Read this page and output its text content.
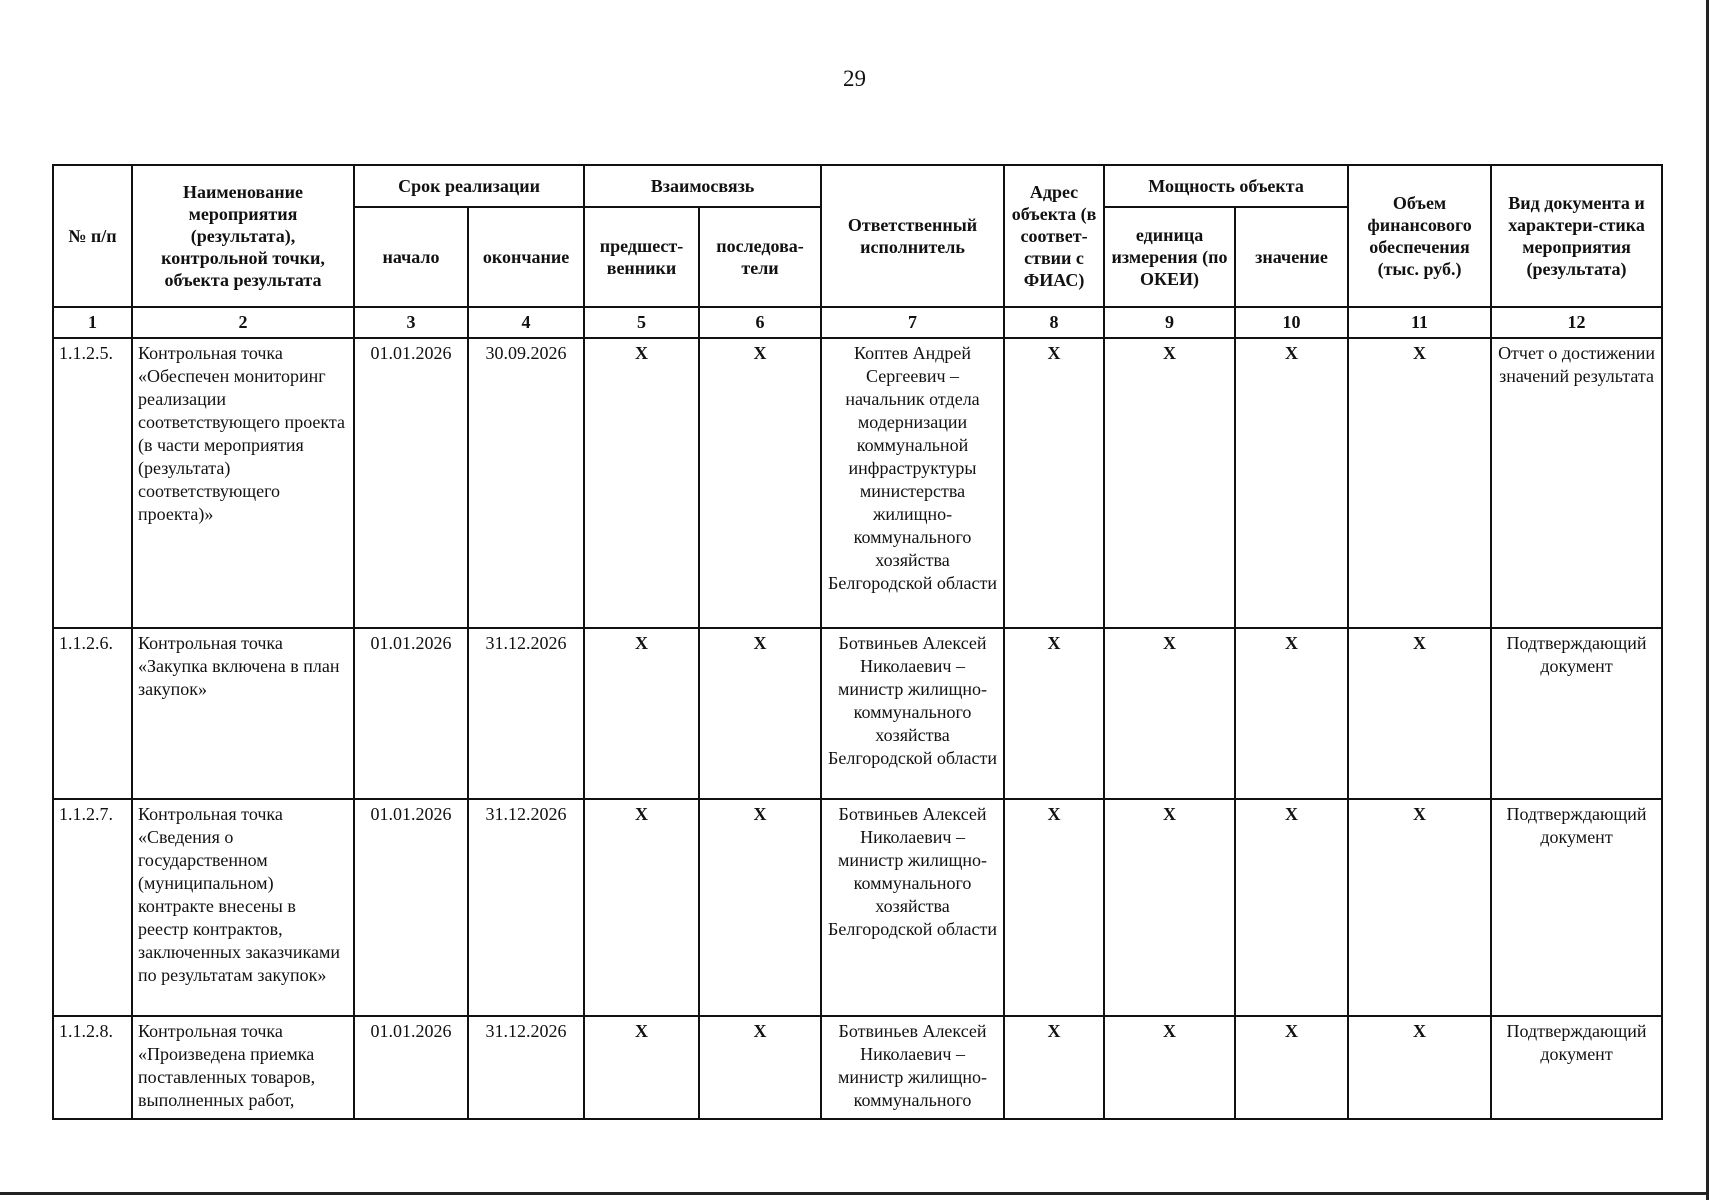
29
№ п/п	Наименование мероприятия (результата), контрольной точки, объекта результата	Срок реализации		Взаимосвязь		Ответственный исполнитель	Адрес объекта (в соответ-ствии с ФИАС)	Мощность объекта		Объем финансового обеспечения (тыс. руб.)	Вид документа и характери-стика мероприятия (результата)
		начало	окончание	предшест-венники	последова-тели			единица измерения (по ОКЕИ)	значение		
1	2	3	4	5	6	7	8	9	10	11	12
1.1.2.5.	Контрольная точка «Обеспечен мониторинг реализации соответствующего проекта (в части мероприятия (результата) соответствующего проекта)»	01.01.2026	30.09.2026	Х	Х	Коптев Андрей Сергеевич – начальник отдела модернизации коммунальной инфраструктуры министерства жилищно-коммунального хозяйства Белгородской области	Х	Х	Х	Х	Отчет о достижении значений результата
1.1.2.6.	Контрольная точка «Закупка включена в план закупок»	01.01.2026	31.12.2026	Х	Х	Ботвиньев Алексей Николаевич – министр жилищно-коммунального хозяйства Белгородской области	Х	Х	Х	Х	Подтверждающий документ
1.1.2.7.	Контрольная точка «Сведения о государственном (муниципальном) контракте внесены в реестр контрактов, заключенных заказчиками по результатам закупок»	01.01.2026	31.12.2026	Х	Х	Ботвиньев Алексей Николаевич – министр жилищно-коммунального хозяйства Белгородской области	Х	Х	Х	Х	Подтверждающий документ
1.1.2.8.	Контрольная точка «Произведена приемка поставленных товаров, выполненных работ,	01.01.2026	31.12.2026	Х	Х	Ботвиньев Алексей Николаевич – министр жилищно-коммунального	Х	Х	Х	Х	Подтверждающий документ
